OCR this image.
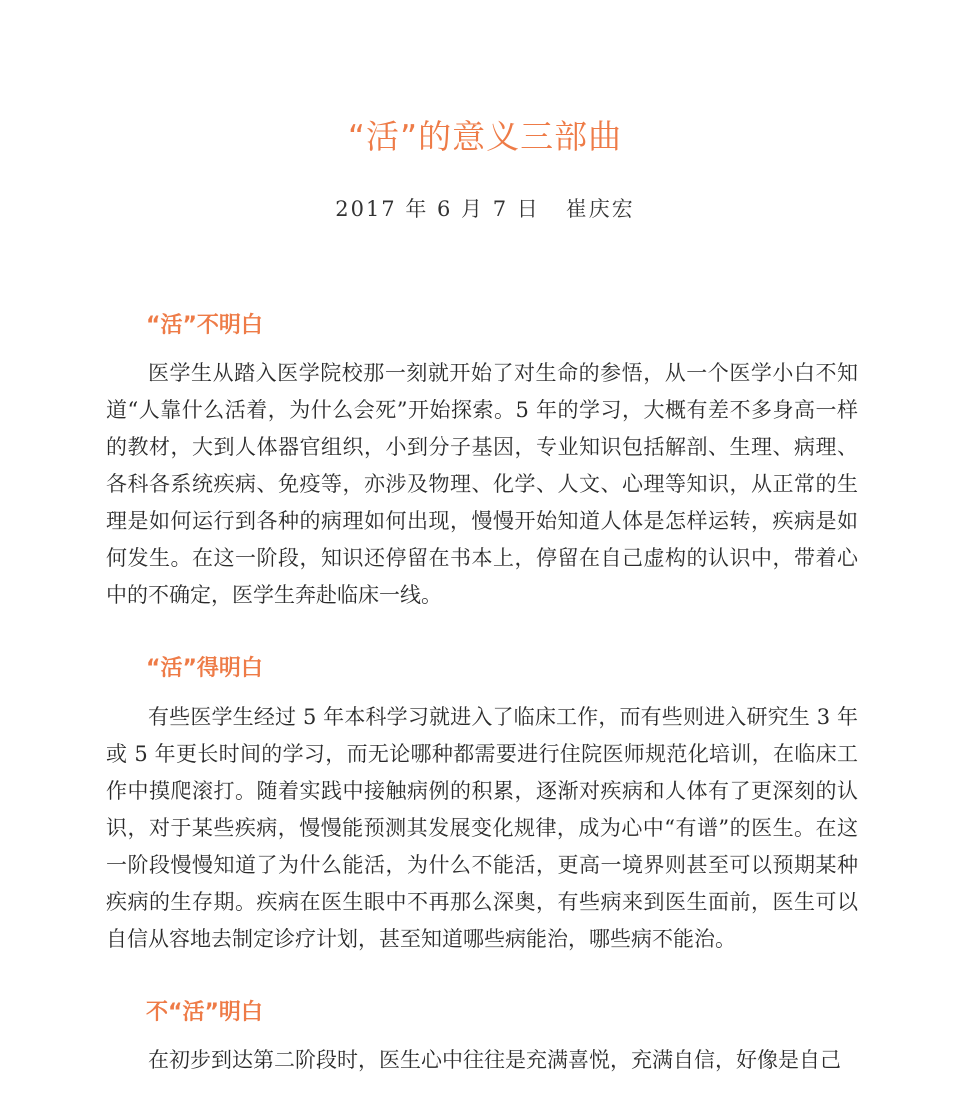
“活”的意义三部曲
2017 年 6 月 7 日 崔庆宏
“活”不明白

医学生从踏入医学院校那一刻就开始了对生命的参悟，从一个医学小白不知道“人靠什么活着，为什么会死”开始探索。5 年的学习，大概有差不多身高一样的教材，大到人体器官组织，小到分子基因，专业知识包括解剖、生理、病理、各科各系统疾病、免疫等，亦涉及物理、化学、人文、心理等知识，从正常的生理是如何运行到各种的病理如何出现，慢慢开始知道人体是怎样运转，疾病是如何发生。在这一阶段，知识还停留在书本上，停留在自己虚构的认识中，带着心中的不确定，医学生奔赴临床一线。

“活”得明白

有些医学生经过 5 年本科学习就进入了临床工作，而有些则进入研究生 3 年或 5 年更长时间的学习，而无论哪种都需要进行住院医师规范化培训，在临床工作中摸爬滚打。随着实践中接触病例的积累，逐渐对疾病和人体有了更深刻的认识，对于某些疾病，慢慢能预测其发展变化规律，成为心中“有谱”的医生。在这一阶段慢慢知道了为什么能活，为什么不能活，更高一境界则甚至可以预期某种疾病的生存期。疾病在医生眼中不再那么深奥，有些病来到医生面前，医生可以自信从容地去制定诊疗计划，甚至知道哪些病能治，哪些病不能治。

不“活”明白

在初步到达第二阶段时，医生心中往往是充满喜悦，充满自信，好像是自己
